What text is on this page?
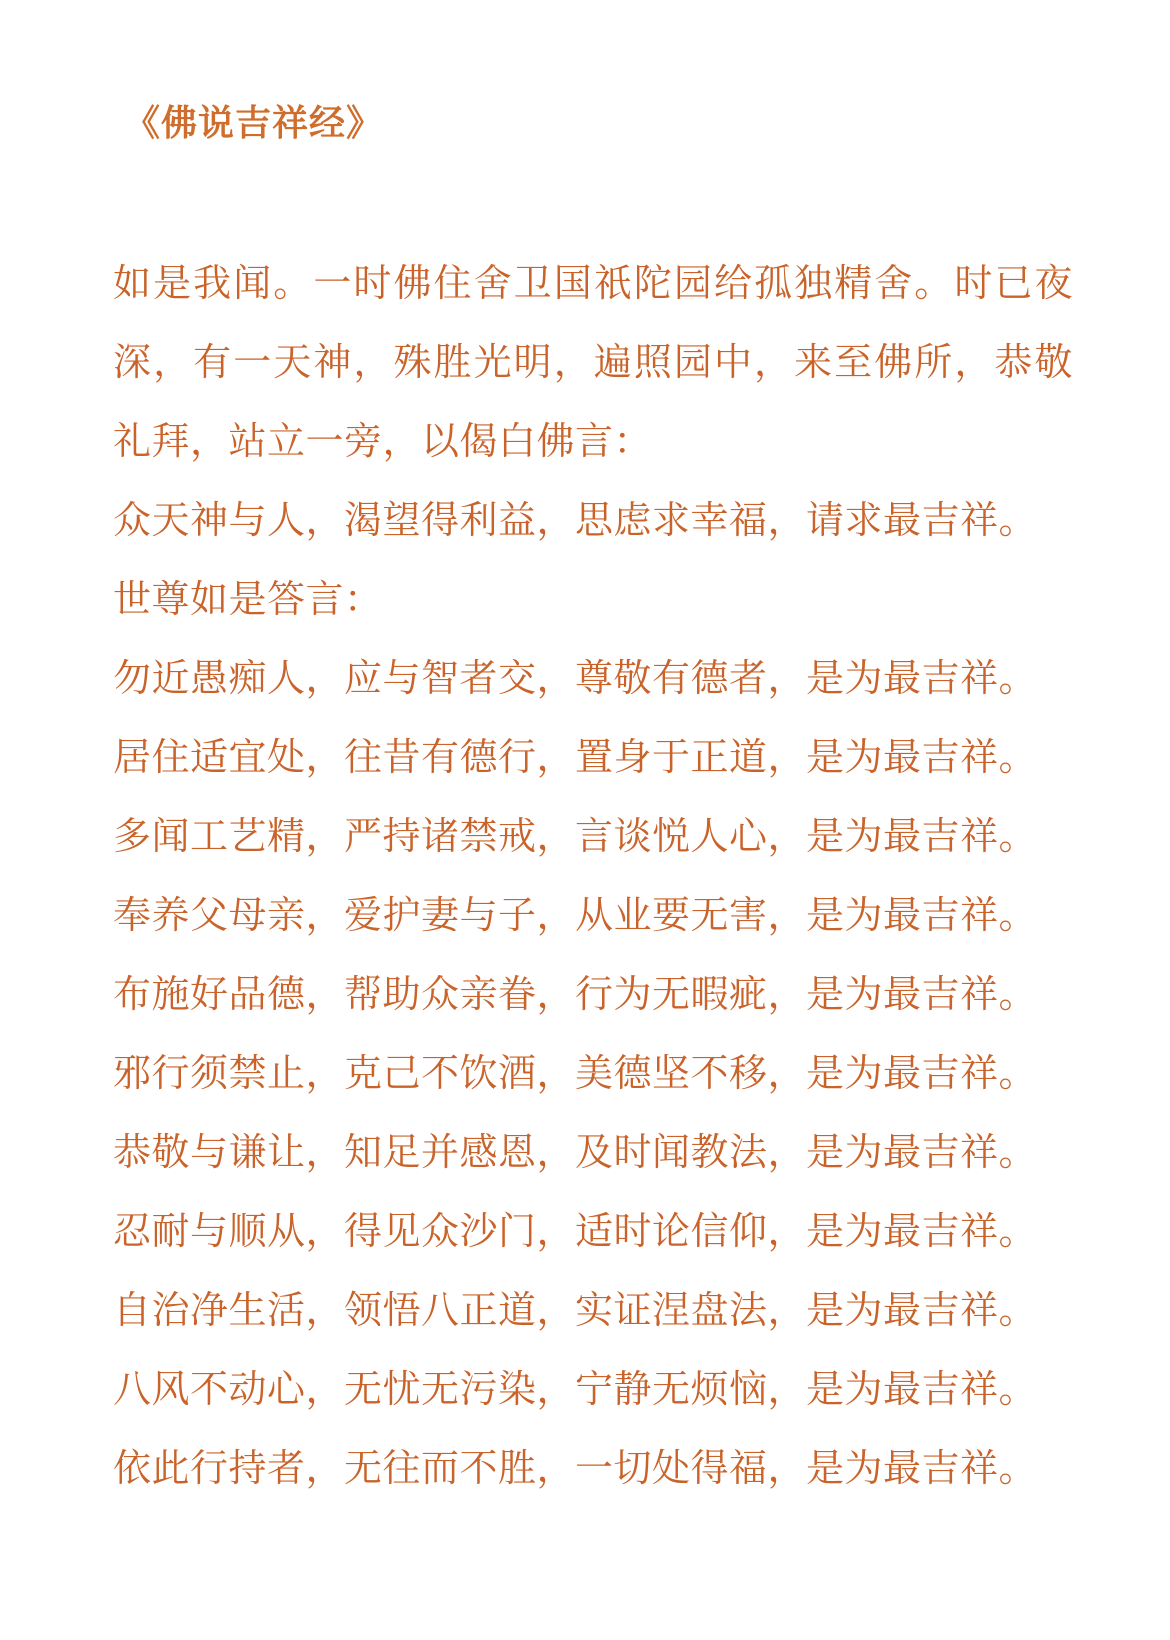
《佛说吉祥经》
如是我闻。一时佛住舍卫国祇陀园给孤独精舍。时已夜
深，有一天神，殊胜光明，遍照园中，来至佛所，恭敬
礼拜，站立一旁，以偈白佛言：
众天神与人，渴望得利益，思虑求幸福，请求最吉祥。
世尊如是答言：
勿近愚痴人，应与智者交，尊敬有德者，是为最吉祥。
居住适宜处，往昔有德行，置身于正道，是为最吉祥。
多闻工艺精，严持诸禁戒，言谈悦人心，是为最吉祥。
奉养父母亲，爱护妻与子，从业要无害，是为最吉祥。
布施好品德，帮助众亲眷，行为无暇疵，是为最吉祥。
邪行须禁止，克己不饮酒，美德坚不移，是为最吉祥。
恭敬与谦让，知足并感恩，及时闻教法，是为最吉祥。
忍耐与顺从，得见众沙门，适时论信仰，是为最吉祥。
自治净生活，领悟八正道，实证涅盘法，是为最吉祥。
八风不动心，无忧无污染，宁静无烦恼，是为最吉祥。
依此行持者，无往而不胜，一切处得福，是为最吉祥。
